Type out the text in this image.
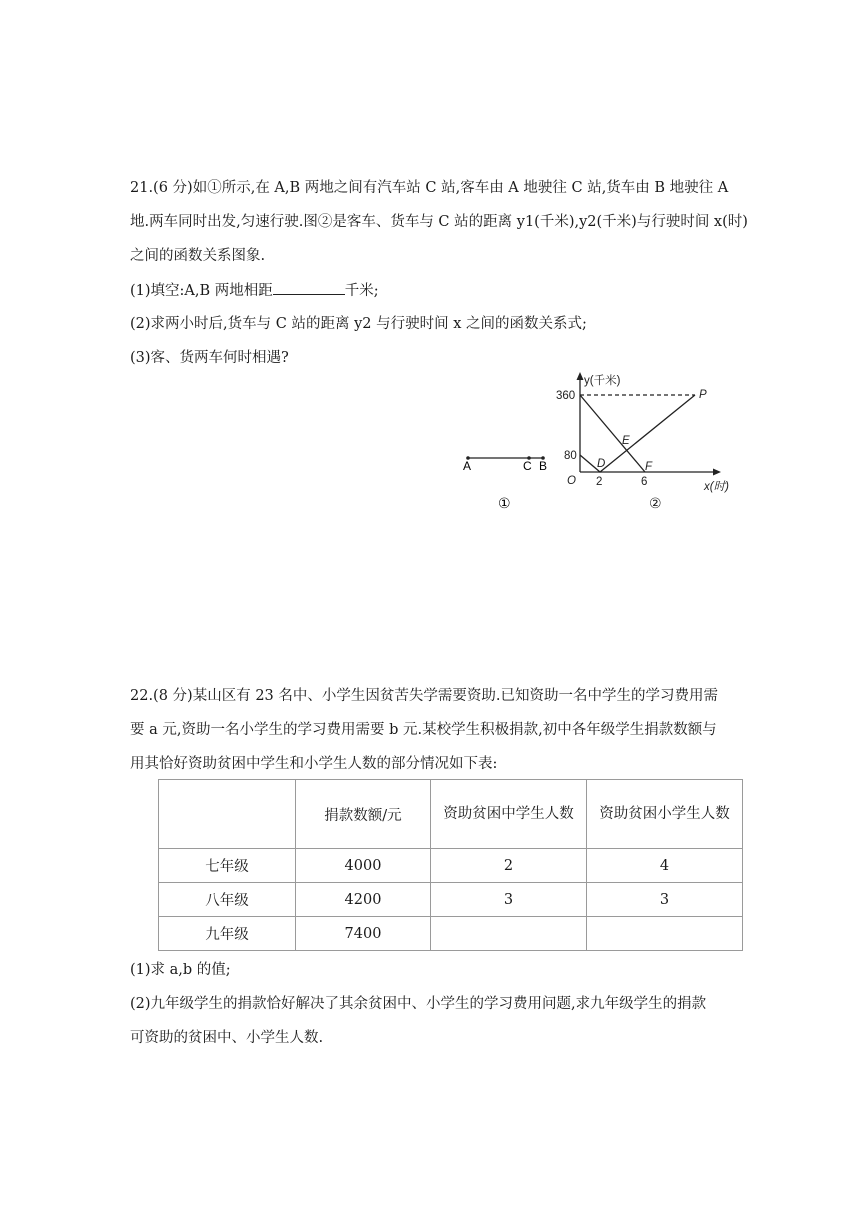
21.(6 分)如①所示,在 A,B 两地之间有汽车站 C 站,客车由 A 地驶往 C 站,货车由 B 地驶往 A
地.两车同时出发,匀速行驶.图②是客车、货车与 C 站的距离 y1(千米),y2(千米)与行驶时间 x(时)
之间的函数关系图象.
(1)填空:A,B 两地相距	千米;
(2)求两小时后,货车与 C 站的距离 y2 与行驶时间 x 之间的函数关系式;
(3)客、货两车何时相遇?
A	C B
①
y(千米)
x(时)
O
360
80
2	6
P
E
D	F
②
22.(8 分)某山区有 23 名中、小学生因贫苦失学需要资助.已知资助一名中学生的学习费用需
要 a 元,资助一名小学生的学习费用需要 b 元.某校学生积极捐款,初中各年级学生捐款数额与
用其恰好资助贫困中学生和小学生人数的部分情况如下表:
	捐款数额/元	资助贫困中学生人数	资助贫困小学生人数
七年级	4000	2	4
八年级	4200	3	3
九年级	7400		
(1)求 a,b 的值;
(2)九年级学生的捐款恰好解决了其余贫困中、小学生的学习费用问题,求九年级学生的捐款
可资助的贫困中、小学生人数.
